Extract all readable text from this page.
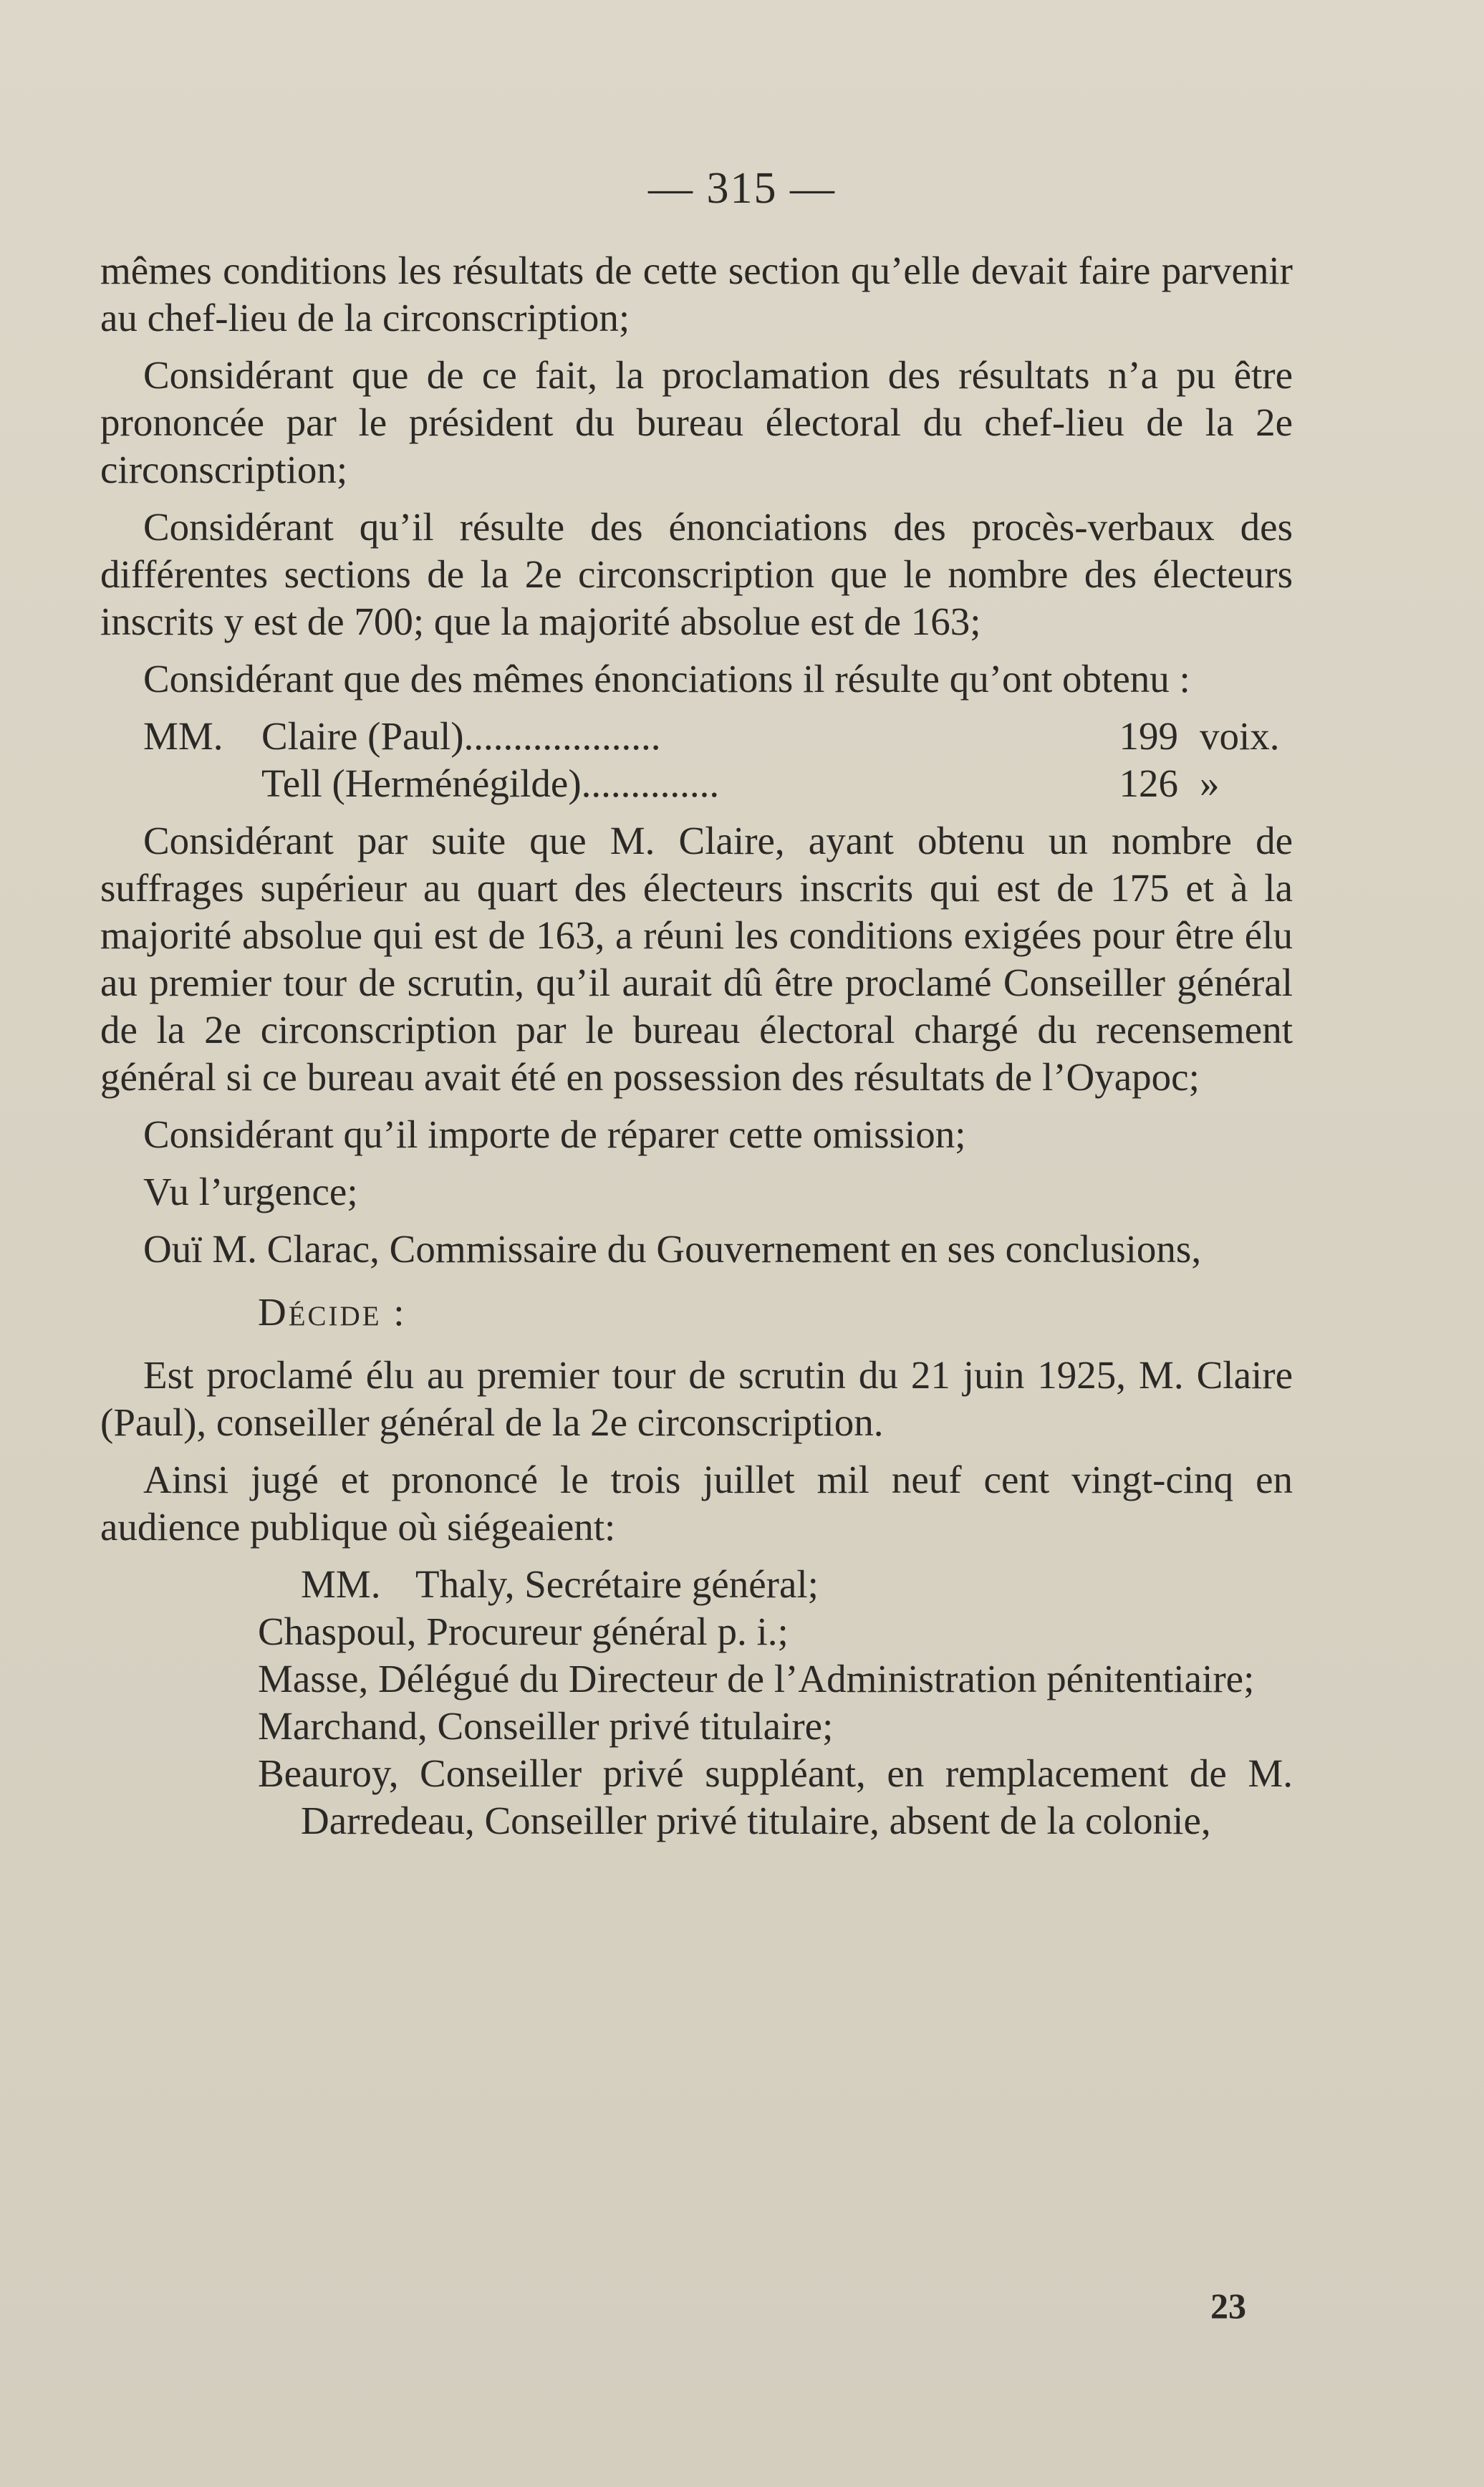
— 315 —

mêmes conditions les résultats de cette section qu’elle devait faire parvenir au chef-lieu de la circonscription;

Considérant que de ce fait, la proclamation des résultats n’a pu être prononcée par le président du bureau électoral du chef-lieu de la 2e circonscription;

Considérant qu’il résulte des énonciations des procès-verbaux des différentes sections de la 2e circonscription que le nombre des électeurs inscrits y est de 700; que la majorité absolue est de 163;

Considérant que des mêmes énonciations il résulte qu’ont obtenu :

MM. Claire (Paul)....................	199 voix.
Tell (Herménégilde)..............	126 »

Considérant par suite que M. Claire, ayant obtenu un nombre de suffrages supérieur au quart des électeurs inscrits qui est de 175 et à la majorité absolue qui est de 163, a réuni les conditions exigées pour être élu au premier tour de scrutin, qu’il aurait dû être proclamé Conseiller général de la 2e circonscription par le bureau électoral chargé du recensement général si ce bureau avait été en possession des résultats de l’Oyapoc;

Considérant qu’il importe de réparer cette omission;

Vu l’urgence;

Ouï M. Clarac, Commissaire du Gouvernement en ses conclusions,

Décide :

Est proclamé élu au premier tour de scrutin du 21 juin 1925, M. Claire (Paul), conseiller général de la 2e circonscription.

Ainsi jugé et prononcé le trois juillet mil neuf cent vingt-cinq en audience publique où siégeaient:

MM. Thaly, Secrétaire général;

Chaspoul, Procureur général p. i.;

Masse, Délégué du Directeur de l’Administration pénitentiaire;

Marchand, Conseiller privé titulaire;

Beauroy, Conseiller privé suppléant, en remplacement de M. Darredeau, Conseiller privé titulaire, absent de la colonie,

23
